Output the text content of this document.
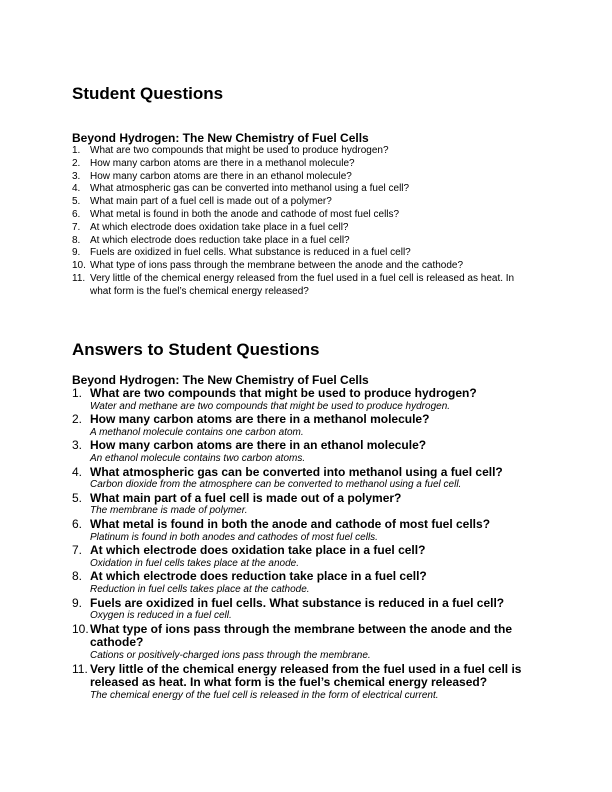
Student Questions

Beyond Hydrogen: The New Chemistry of Fuel Cells

1. What are two compounds that might be used to produce hydrogen?
2. How many carbon atoms are there in a methanol molecule?
3. How many carbon atoms are there in an ethanol molecule?
4. What atmospheric gas can be converted into methanol using a fuel cell?
5. What main part of a fuel cell is made out of a polymer?
6. What metal is found in both the anode and cathode of most fuel cells?
7. At which electrode does oxidation take place in a fuel cell?
8. At which electrode does reduction take place in a fuel cell?
9. Fuels are oxidized in fuel cells. What substance is reduced in a fuel cell?
10. What type of ions pass through the membrane between the anode and the cathode?
11. Very little of the chemical energy released from the fuel used in a fuel cell is released as heat. In what form is the fuel’s chemical energy released?
Answers to Student Questions

Beyond Hydrogen: The New Chemistry of Fuel Cells

1. What are two compounds that might be used to produce hydrogen?
Water and methane are two compounds that might be used to produce hydrogen.
2. How many carbon atoms are there in a methanol molecule?
A methanol molecule contains one carbon atom.
3. How many carbon atoms are there in an ethanol molecule?
An ethanol molecule contains two carbon atoms.
4. What atmospheric gas can be converted into methanol using a fuel cell?
Carbon dioxide from the atmosphere can be converted to methanol using a fuel cell.
5. What main part of a fuel cell is made out of a polymer?
The membrane is made of polymer.
6. What metal is found in both the anode and cathode of most fuel cells?
Platinum is found in both anodes and cathodes of most fuel cells.
7. At which electrode does oxidation take place in a fuel cell?
Oxidation in fuel cells takes place at the anode.
8. At which electrode does reduction take place in a fuel cell?
Reduction in fuel cells takes place at the cathode.
9. Fuels are oxidized in fuel cells. What substance is reduced in a fuel cell?
Oxygen is reduced in a fuel cell.
10. What type of ions pass through the membrane between the anode and the cathode?
Cations or positively-charged ions pass through the membrane.
11. Very little of the chemical energy released from the fuel used in a fuel cell is released as heat. In what form is the fuel’s chemical energy released?
The chemical energy of the fuel cell is released in the form of electrical current.
